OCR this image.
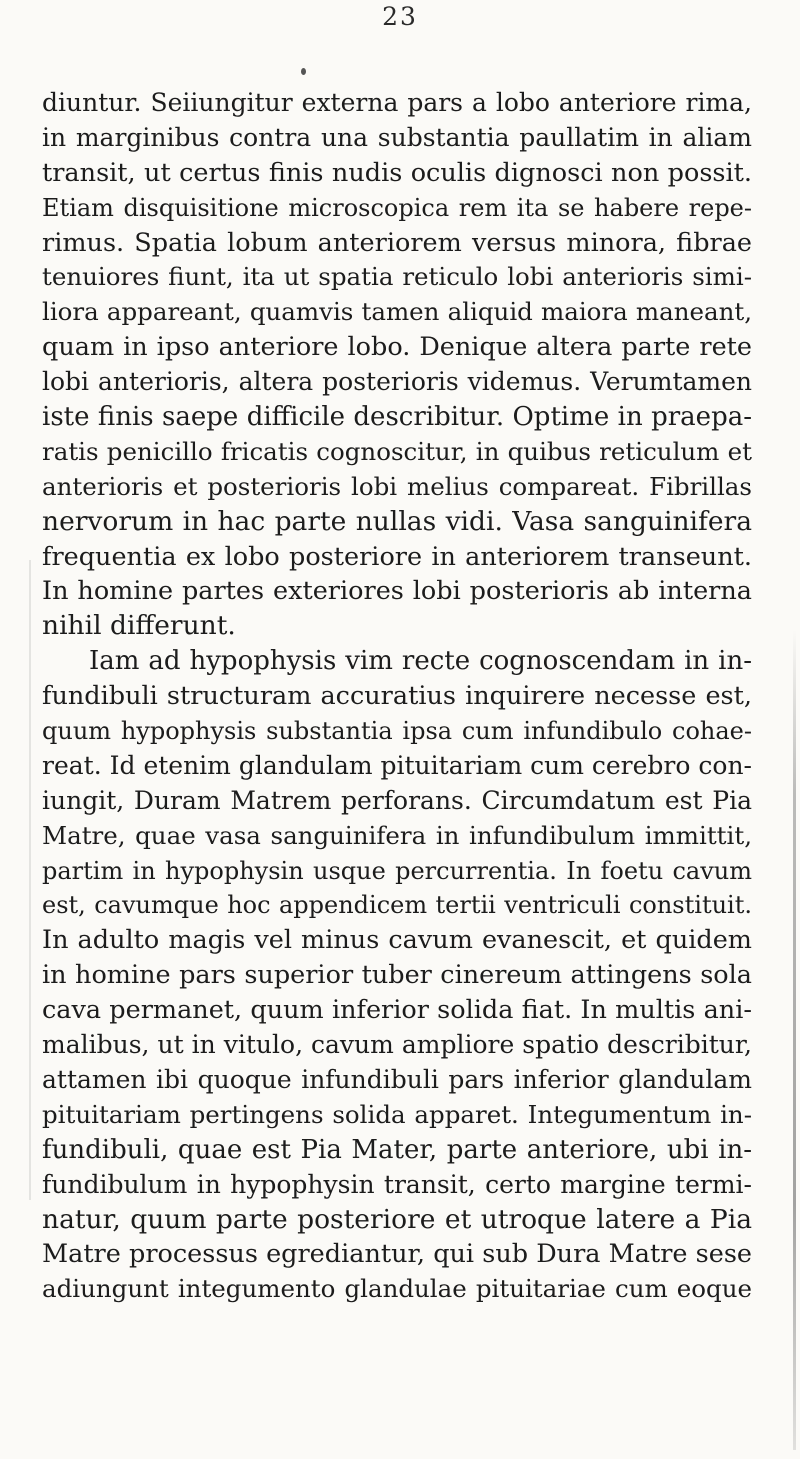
23
diuntur. Seiiungitur externa pars a lobo anteriore rima,
in marginibus contra una substantia paullatim in aliam
transit, ut certus finis nudis oculis dignosci non possit.
Etiam disquisitione microscopica rem ita se habere repe-
rimus. Spatia lobum anteriorem versus minora, fibrae
tenuiores fiunt, ita ut spatia reticulo lobi anterioris simi-
liora appareant, quamvis tamen aliquid maiora maneant,
quam in ipso anteriore lobo. Denique altera parte rete
lobi anterioris, altera posterioris videmus. Verumtamen
iste finis saepe difficile describitur. Optime in praepa-
ratis penicillo fricatis cognoscitur, in quibus reticulum et
anterioris et posterioris lobi melius compareat. Fibrillas
nervorum in hac parte nullas vidi. Vasa sanguinifera
frequentia ex lobo posteriore in anteriorem transeunt.
In homine partes exteriores lobi posterioris ab interna
nihil differunt.
Iam ad hypophysis vim recte cognoscendam in in-
fundibuli structuram accuratius inquirere necesse est,
quum hypophysis substantia ipsa cum infundibulo cohae-
reat. Id etenim glandulam pituitariam cum cerebro con-
iungit, Duram Matrem perforans. Circumdatum est Pia
Matre, quae vasa sanguinifera in infundibulum immittit,
partim in hypophysin usque percurrentia. In foetu cavum
est, cavumque hoc appendicem tertii ventriculi constituit.
In adulto magis vel minus cavum evanescit, et quidem
in homine pars superior tuber cinereum attingens sola
cava permanet, quum inferior solida fiat. In multis ani-
malibus, ut in vitulo, cavum ampliore spatio describitur,
attamen ibi quoque infundibuli pars inferior glandulam
pituitariam pertingens solida apparet. Integumentum in-
fundibuli, quae est Pia Mater, parte anteriore, ubi in-
fundibulum in hypophysin transit, certo margine termi-
natur, quum parte posteriore et utroque latere a Pia
Matre processus egrediantur, qui sub Dura Matre sese
adiungunt integumento glandulae pituitariae cum eoque
